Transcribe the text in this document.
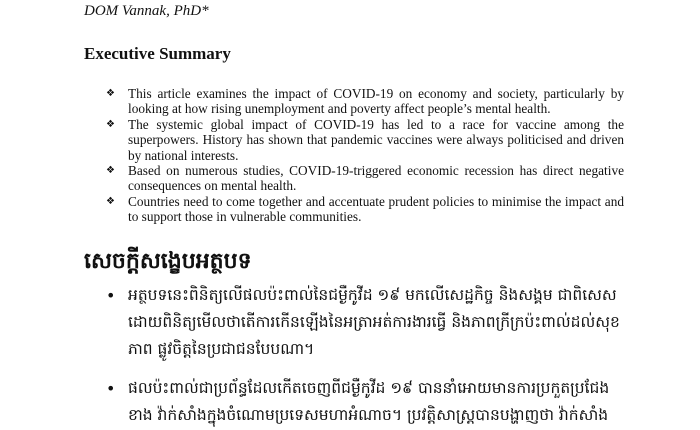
DOM Vannak, PhD*
Executive Summary
❖ This article examines the impact of COVID-19 on economy and society, particularly by looking at how rising unemployment and poverty affect people’s mental health.
❖ The systemic global impact of COVID-19 has led to a race for vaccine among the superpowers. History has shown that pandemic vaccines were always politicised and driven by national interests.
❖ Based on numerous studies, COVID-19-triggered economic recession has direct negative consequences on mental health.
❖ Countries need to come together and accentuate prudent policies to minimise the impact and to support those in vulnerable communities.
សេចក្តីសង្ខេបអត្ថបទ
• អត្ថបទនេះពិនិត្យលើផលប៉ះពាល់នៃជម្ងឺកូវីដ ១៩ មកលើសេដ្ឋកិច្ច និងសង្គម ជាពិសេស ដោយពិនិត្យមើលថាតើការកើនឡើងនៃអត្រាអត់ការងារធ្វើ និងភាពក្រីក្រប៉ះពាល់ដល់សុខភាព ផ្លូវចិត្តនៃប្រជាជនបែបណា។
• ផលប៉ះពាល់ជាប្រព័ន្ធដែលកើតចេញពីជម្ងឺកូវីដ ១៩ បាននាំអោយមានការប្រកួតប្រជែងខាង វ៉ាក់សាំងក្នុងចំណោមប្រទេសមហាអំណាច។ ប្រវត្តិសាស្ត្របានបង្ហាញថា វ៉ាក់សាំង
